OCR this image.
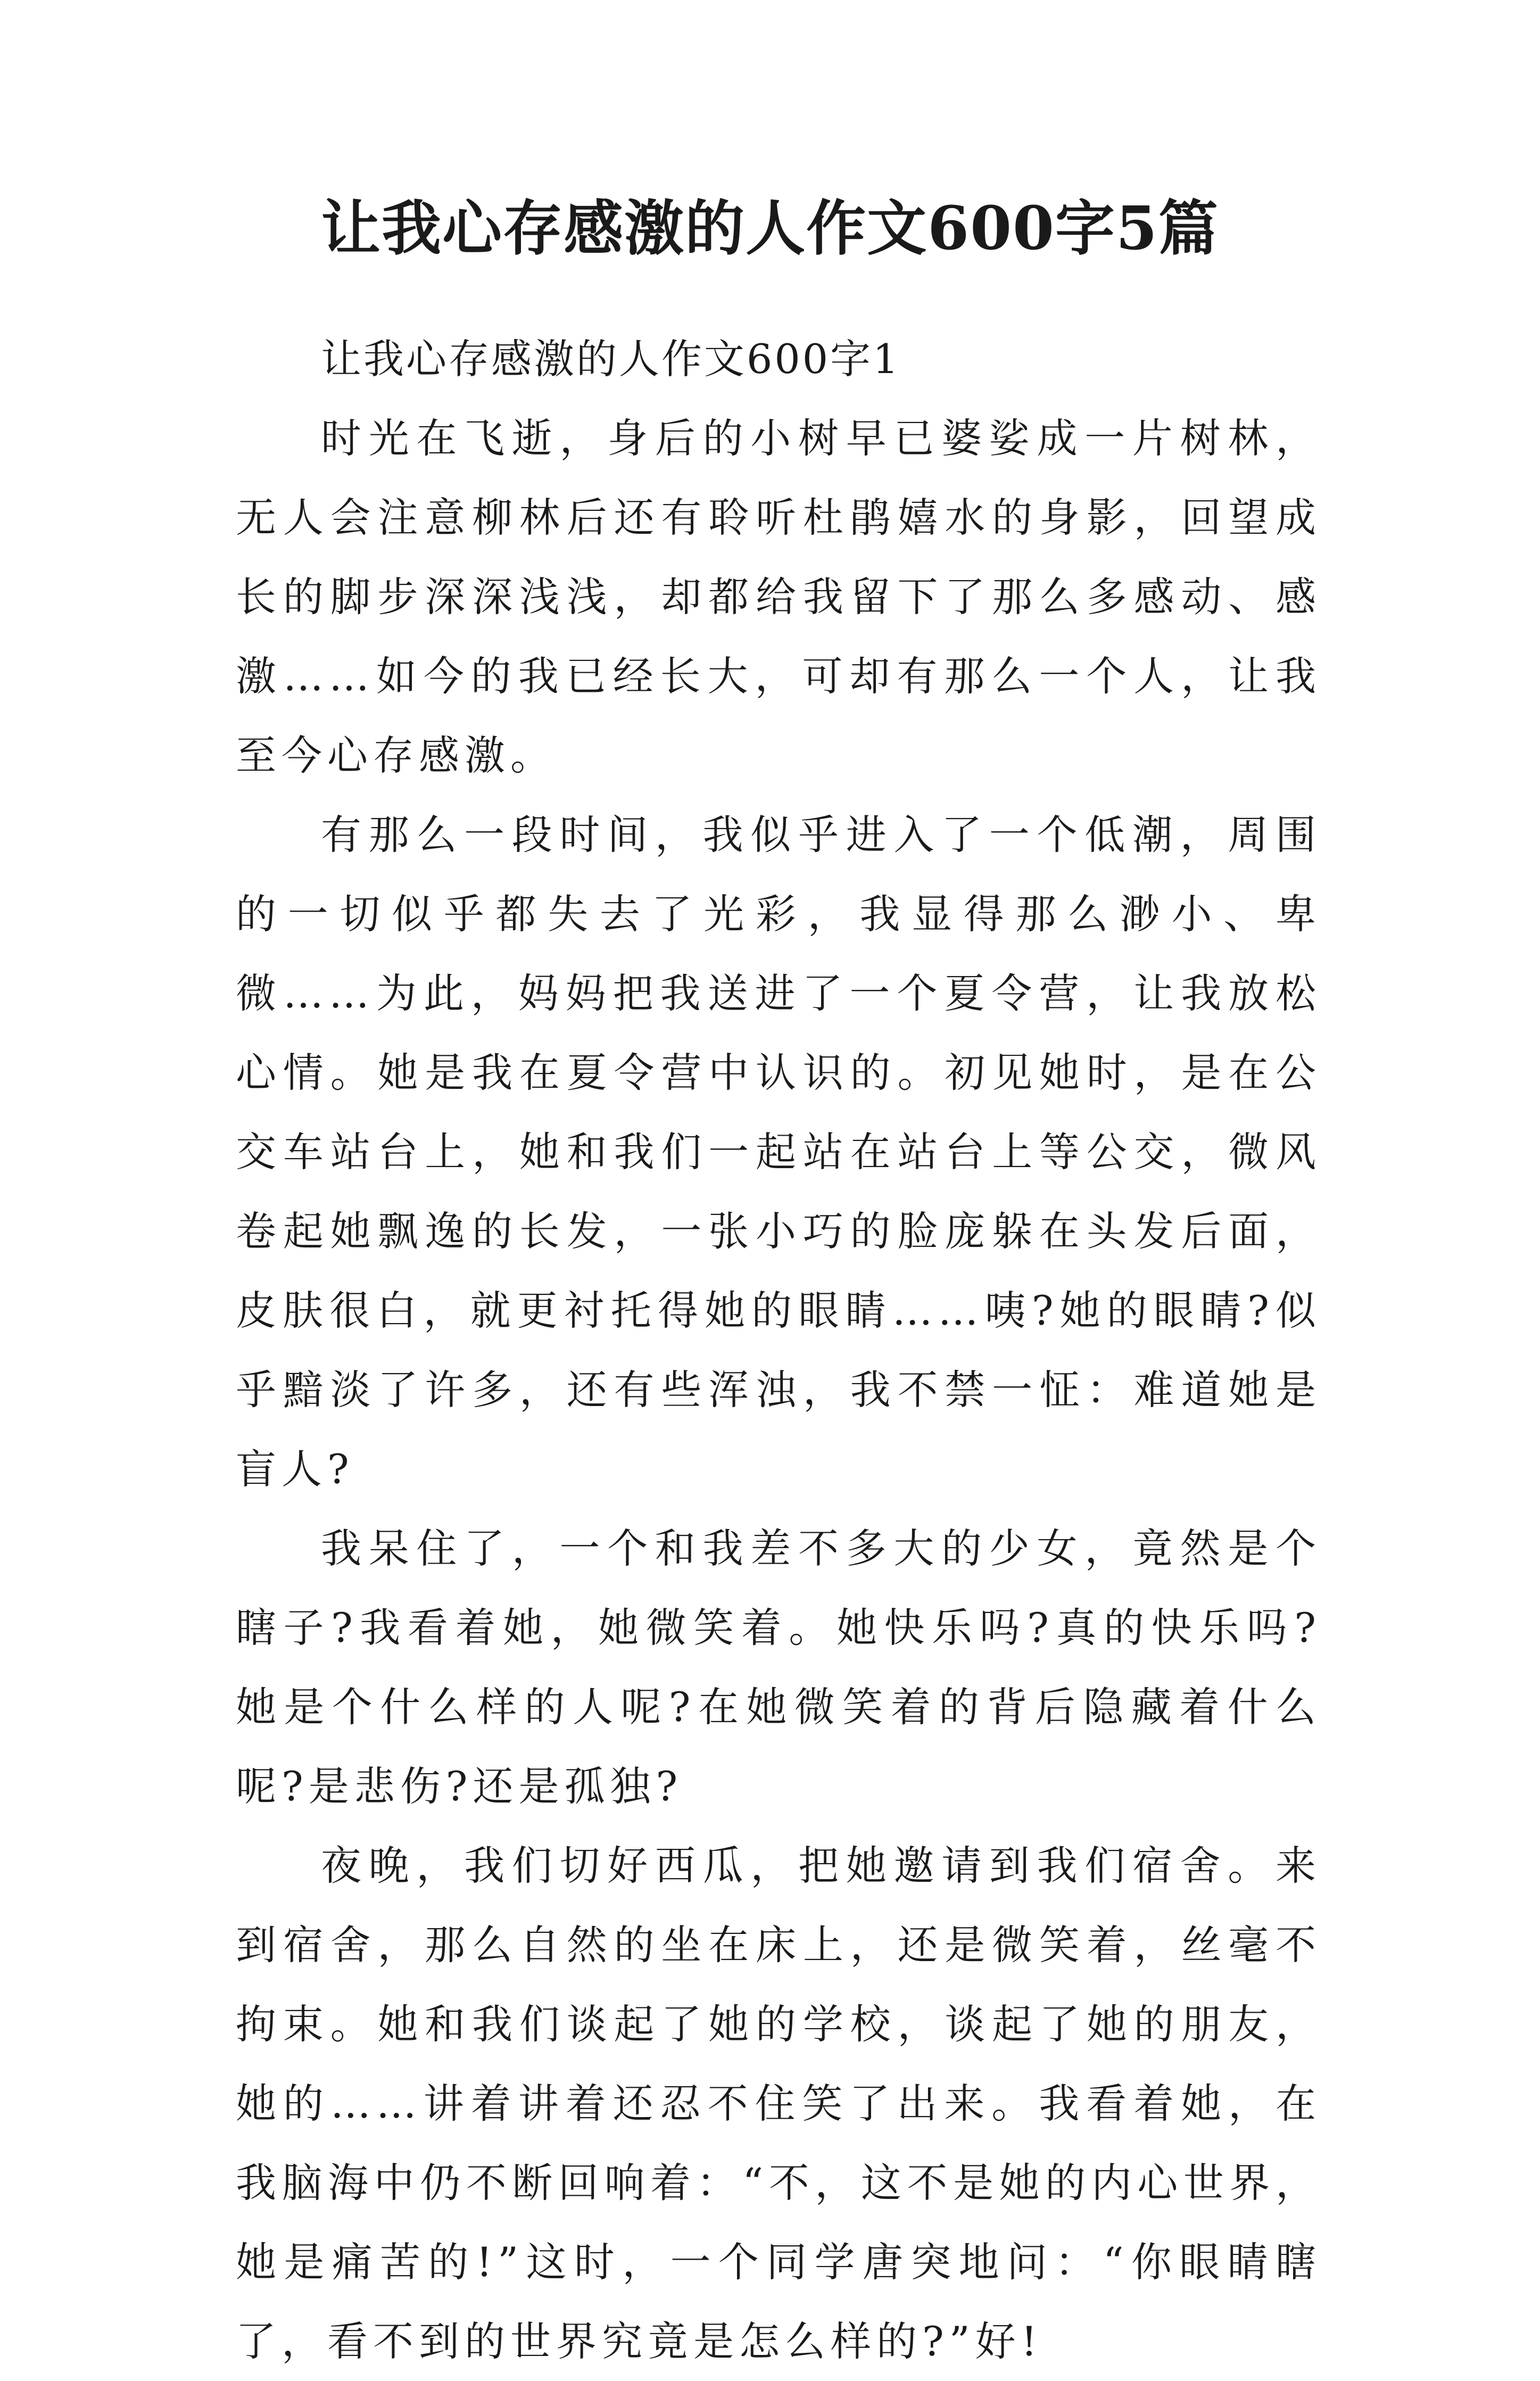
让我心存感激的人作文600字5篇

让我心存感激的人作文600字1

时光在飞逝，身后的小树早已婆娑成一片树林，无人会注意柳林后还有聆听杜鹃嬉水的身影，回望成长的脚步深深浅浅，却都给我留下了那么多感动、感激……如今的我已经长大，可却有那么一个人，让我至今心存感激。

有那么一段时间，我似乎进入了一个低潮，周围的一切似乎都失去了光彩，我显得那么渺小、卑微……为此，妈妈把我送进了一个夏令营，让我放松心情。她是我在夏令营中认识的。初见她时，是在公交车站台上，她和我们一起站在站台上等公交，微风卷起她飘逸的长发，一张小巧的脸庞躲在头发后面，皮肤很白，就更衬托得她的眼睛……咦?她的眼睛?似乎黯淡了许多，还有些浑浊，我不禁一怔：难道她是盲人?

我呆住了，一个和我差不多大的少女，竟然是个瞎子?我看着她，她微笑着。她快乐吗?真的快乐吗?她是个什么样的人呢?在她微笑着的背后隐藏着什么呢?是悲伤?还是孤独?

夜晚，我们切好西瓜，把她邀请到我们宿舍。来到宿舍，那么自然的坐在床上，还是微笑着，丝毫不拘束。她和我们谈起了她的学校，谈起了她的朋友，她的……讲着讲着还忍不住笑了出来。我看着她，在我脑海中仍不断回响着：“不，这不是她的内心世界，她是痛苦的!”这时，一个同学唐突地问：“你眼睛瞎了，看不到的世界究竟是怎么样的?”好!
